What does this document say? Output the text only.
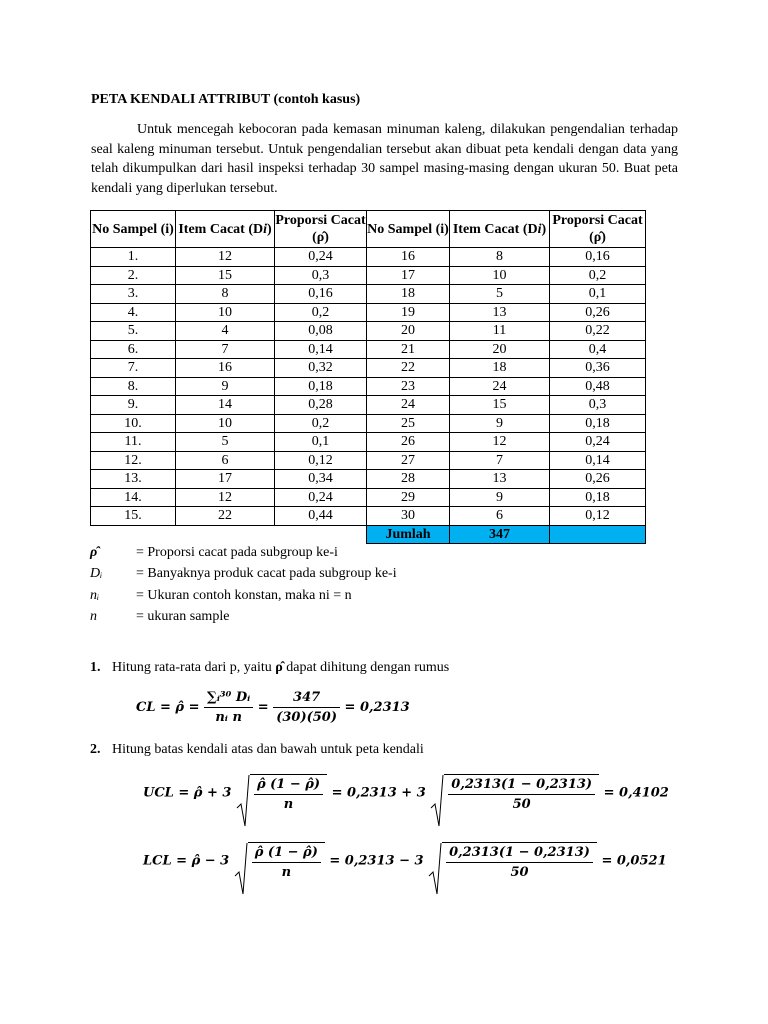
PETA KENDALI ATTRIBUT (contoh kasus)
Untuk mencegah kebocoran pada kemasan minuman kaleng, dilakukan pengendalian terhadap seal kaleng minuman tersebut. Untuk pengendalian tersebut akan dibuat peta kendali dengan data yang telah dikumpulkan dari hasil inspeksi terhadap 30 sampel masing-masing dengan ukuran 50. Buat peta kendali yang diperlukan tersebut.
No Sampel (i)	Item Cacat (Di)	Proporsi Cacat (ρ̂)	No Sampel (i)	Item Cacat (Di)	Proporsi Cacat (ρ̂)
1.	12	0,24	16	8	0,16
2.	15	0,3	17	10	0,2
3.	8	0,16	18	5	0,1
4.	10	0,2	19	13	0,26
5.	4	0,08	20	11	0,22
6.	7	0,14	21	20	0,4
7.	16	0,32	22	18	0,36
8.	9	0,18	23	24	0,48
9.	14	0,28	24	15	0,3
10.	10	0,2	25	9	0,18
11.	5	0,1	26	12	0,24
12.	6	0,12	27	7	0,14
13.	17	0,34	28	13	0,26
14.	12	0,24	29	9	0,18
15.	22	0,44	30	6	0,12
			Jumlah	347	
ρ̂	= Proporsi cacat pada subgroup ke-i
Dᵢ = Banyaknya produk cacat pada subgroup ke-i
nᵢ	= Ukuran contoh konstan, maka ni = n
n	= ukuran sample
1. Hitung rata-rata dari p, yaitu ρ̂ dapat dihitung dengan rumus
CL = ρ̂ = $\frac{\text{∑ᵢ³⁰ Dᵢ}}{\text{nᵢ n}} = \frac{347}{(30)(50)} = 0,2313$
2. Hitung batas kendali atas dan bawah untuk peta kendali
UCL = ρ̂ + $3 \frac{\rhô (1 - \rhô)}{n} = 0,2313 + 3 \frac{0,2313(1 - 0,2313)}{50} = 0,4102$
LCL = ρ̂ − $3 \frac{\rhô (1 - \rhô)}{n} = 0,2313 - 3 \frac{0,2313(1 - 0,2313)}{50} = 0,0521$
